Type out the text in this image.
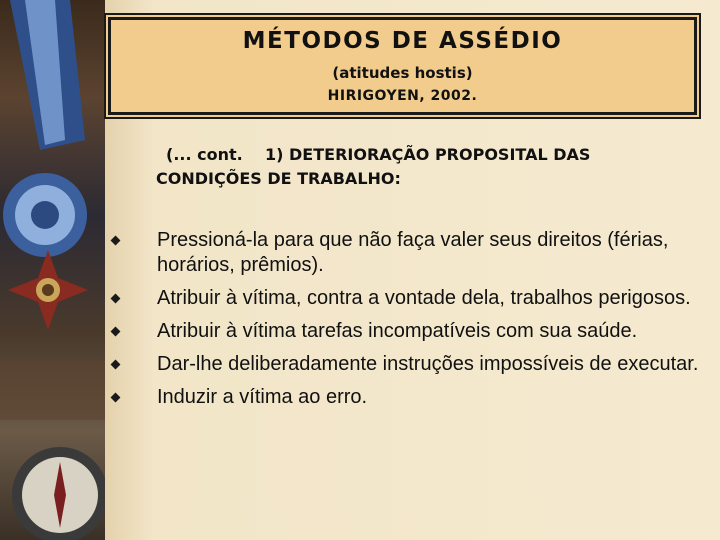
MÉTODOS DE ASSÉDIO
(atitudes hostis)
HIRIGOYEN, 2002.
(... cont.    1) DETERIORAÇÃO PROPOSITAL DAS
CONDIÇÕES DE TRABALHO:
Pressioná-la para que não faça valer seus direitos (férias, horários, prêmios).
Atribuir à vítima, contra a vontade dela, trabalhos perigosos.
Atribuir à vítima tarefas incompatíveis com sua saúde.
Dar-lhe deliberadamente instruções impossíveis de executar.
Induzir a vítima ao erro.
